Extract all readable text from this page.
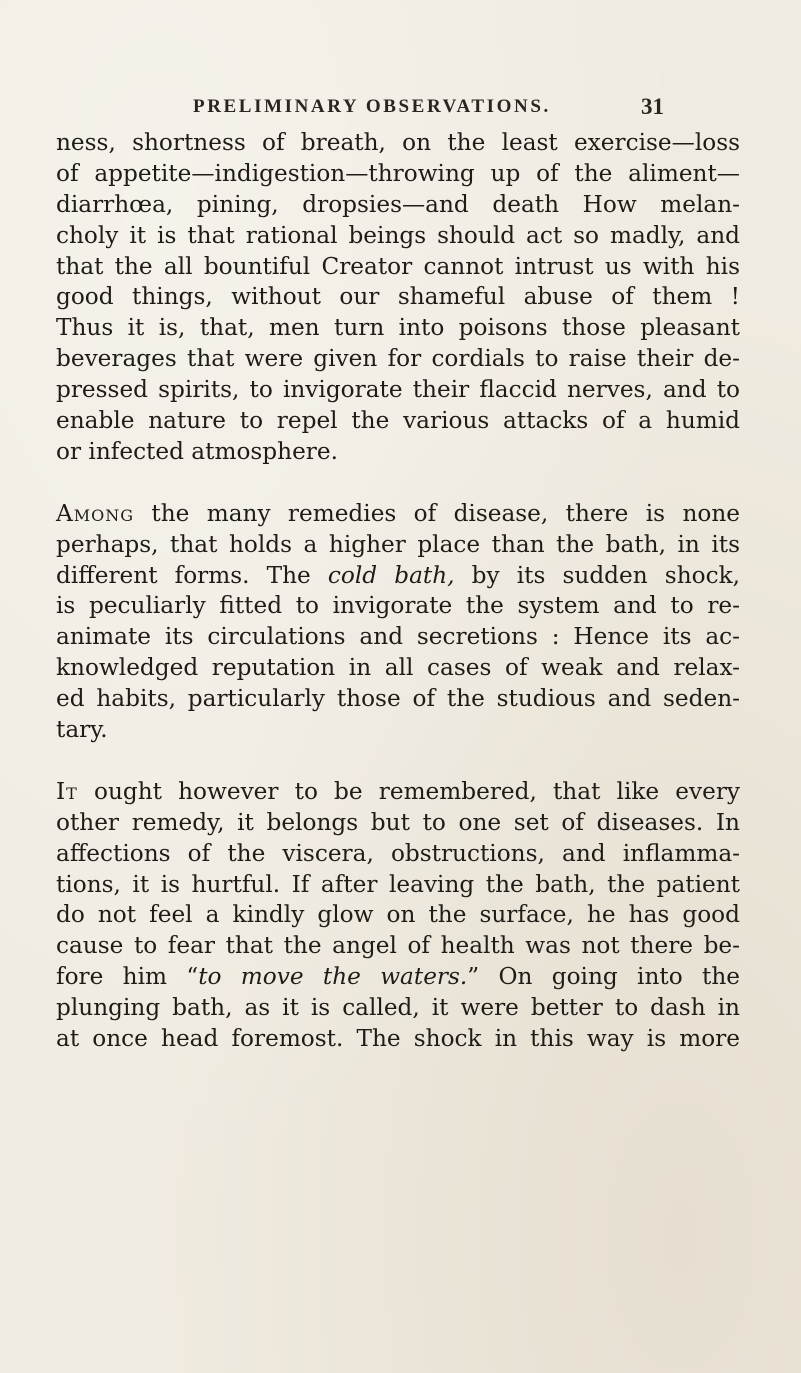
PRELIMINARY OBSERVATIONS.	31
ness, shortness of breath, on the least exercise—loss
of appetite—indigestion—throwing up of the aliment—
diarrhœa, pining, dropsies—and death How melan-
choly it is that rational beings should act so madly, and
that the all bountiful Creator cannot intrust us with his
good things, without our shameful abuse of them !
Thus it is, that, men turn into poisons those pleasant
beverages that were given for cordials to raise their de-
pressed spirits, to invigorate their flaccid nerves, and to
enable nature to repel the various attacks of a humid
or infected atmosphere.
Among the many remedies of disease, there is none
perhaps, that holds a higher place than the bath, in its
different forms. The cold bath, by its sudden shock,
is peculiarly fitted to invigorate the system and to re-
animate its circulations and secretions : Hence its ac-
knowledged reputation in all cases of weak and relax-
ed habits, particularly those of the studious and seden-
tary.
It ought however to be remembered, that like every
other remedy, it belongs but to one set of diseases. In
affections of the viscera, obstructions, and inflamma-
tions, it is hurtful. If after leaving the bath, the patient
do not feel a kindly glow on the surface, he has good
cause to fear that the angel of health was not there be-
fore him “to move the waters.” On going into the
plunging bath, as it is called, it were better to dash in
at once head foremost. The shock in this way is more
